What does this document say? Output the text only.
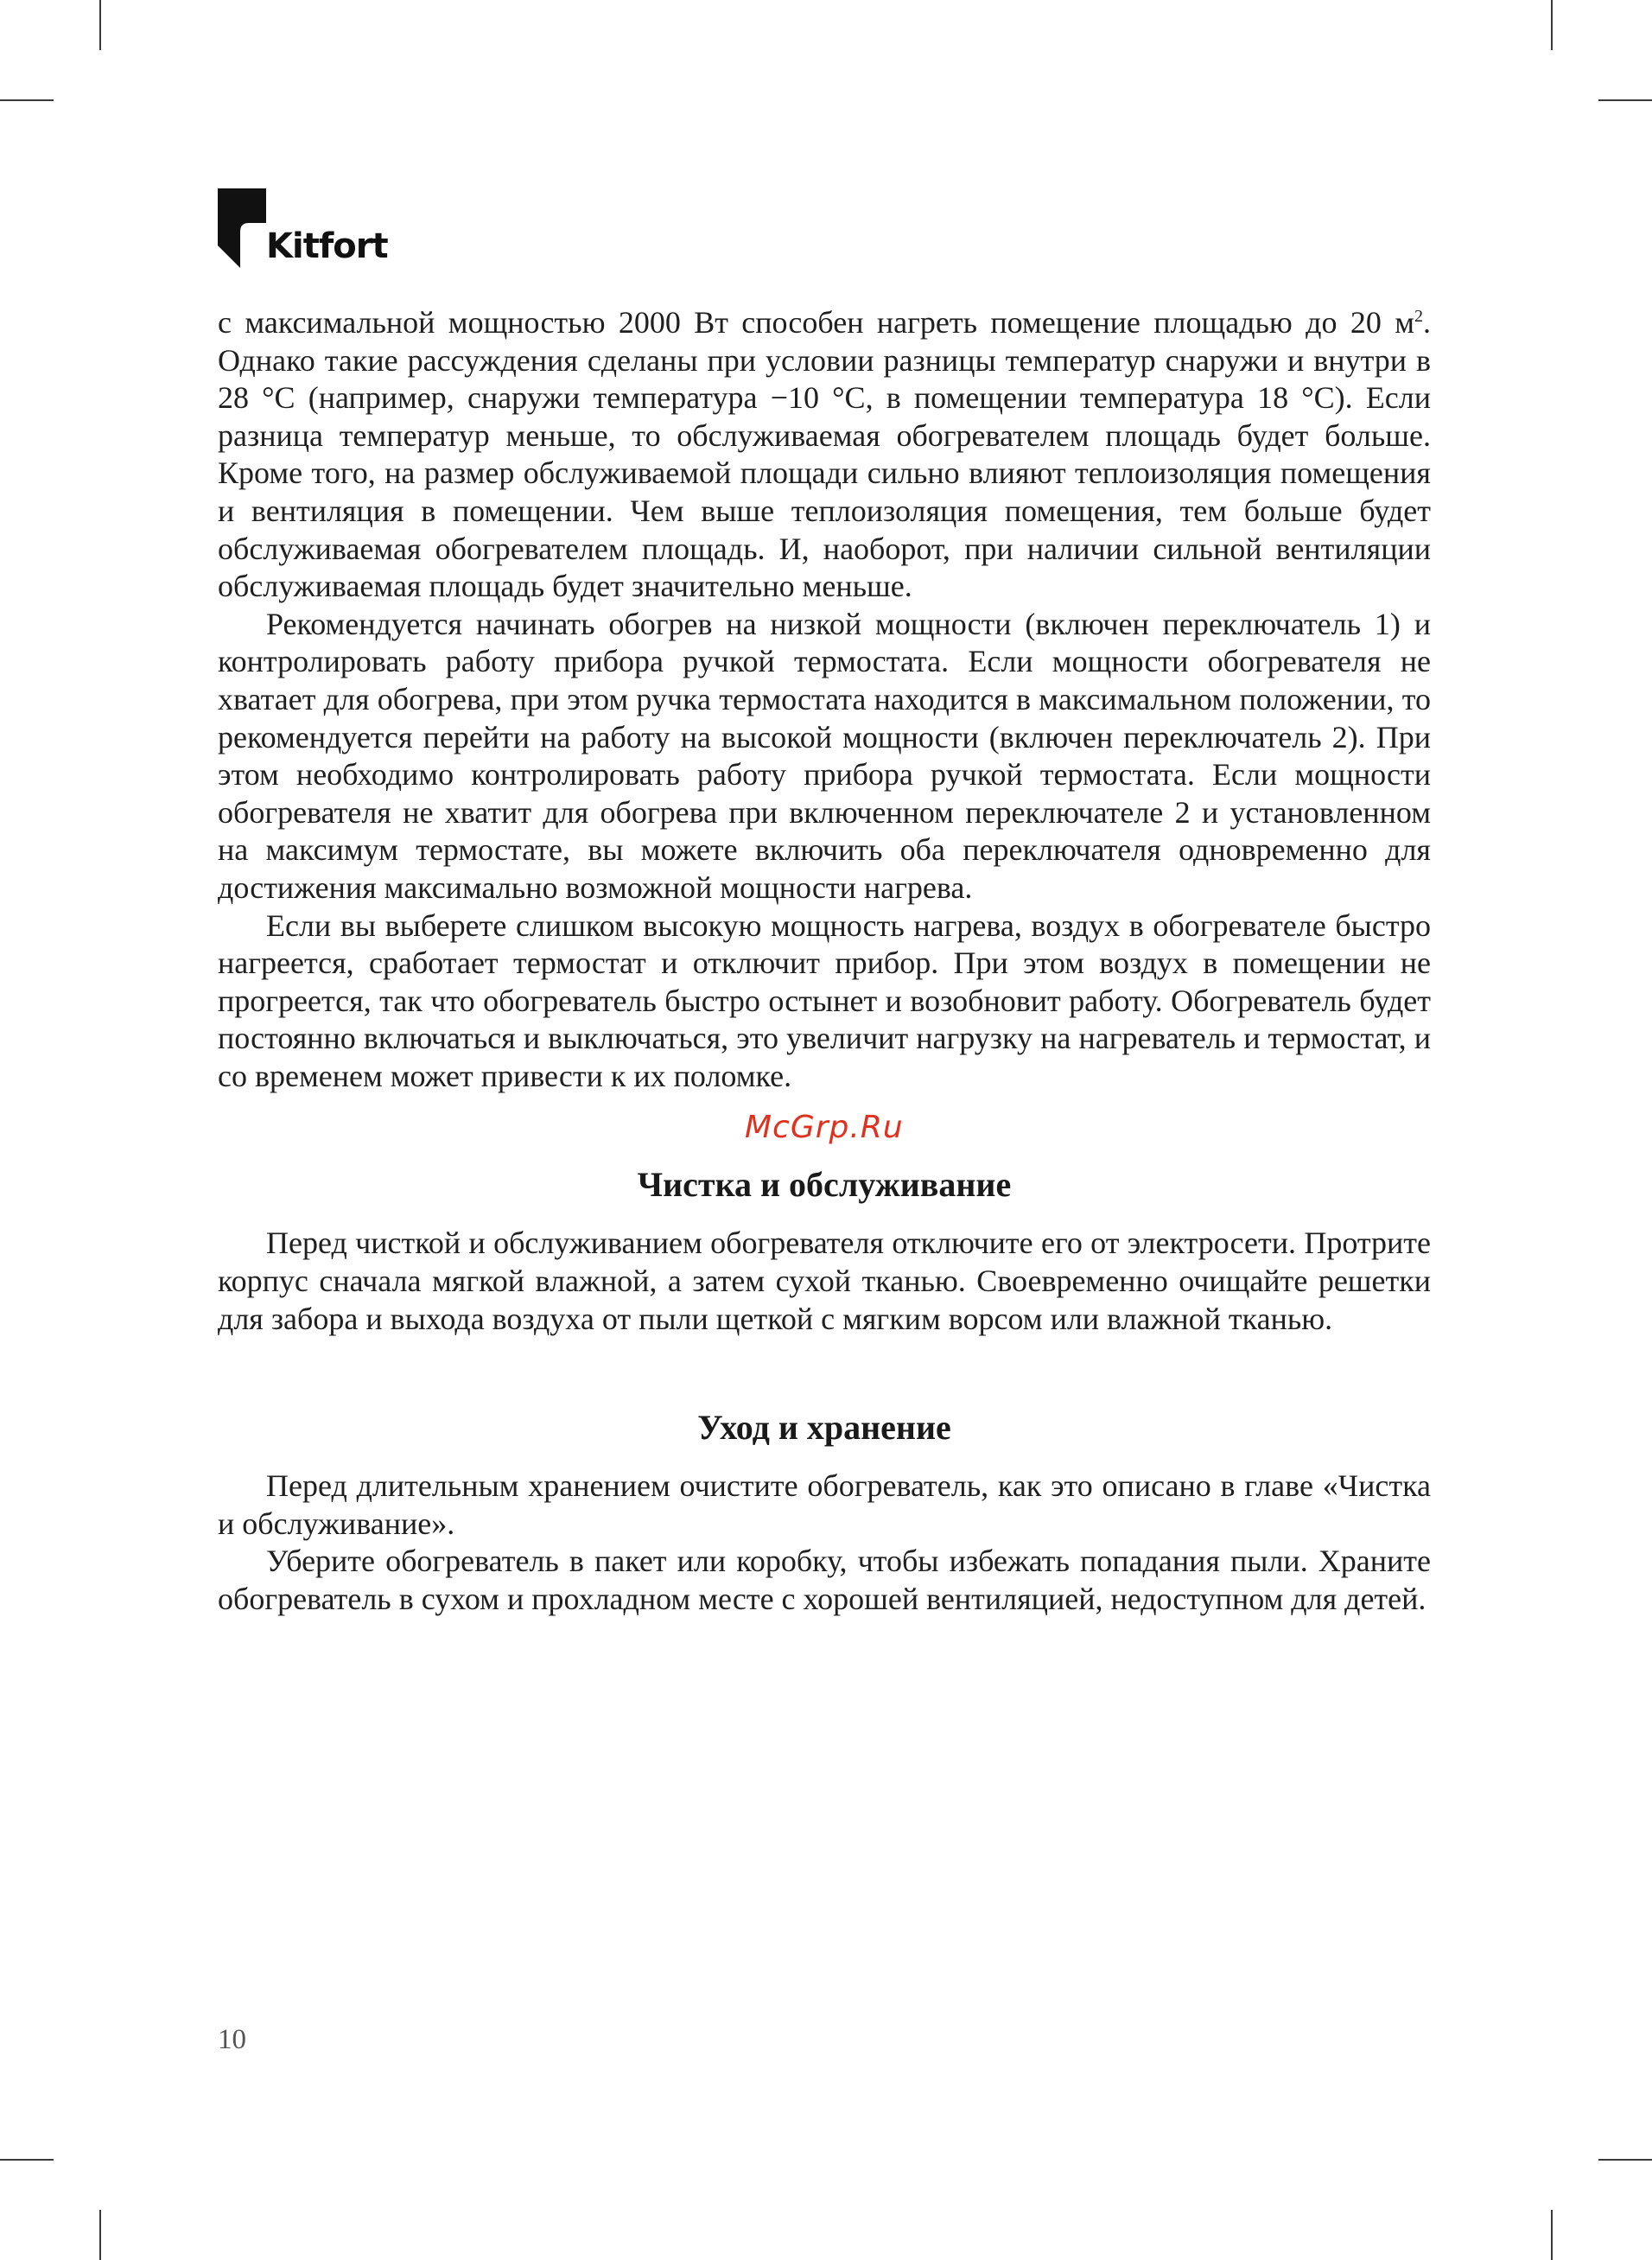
Kitfort

с максимальной мощностью 2000 Вт способен нагреть помещение площадью до 20 $м^2$. Однако такие рассуждения сделаны при условии разницы температур снаружи и внутри в 28 °С (например, снаружи температура −10 °С, в помещении температура 18 °С). Если разница температур меньше, то обслуживаемая обогревателем площадь будет больше. Кроме того, на размер обслуживаемой площади сильно влияют теплоизоляция помещения и вентиляция в помещении. Чем выше теплоизоляция помещения, тем больше будет обслуживаемая обогревателем площадь. И, наоборот, при наличии сильной вентиляции обслуживаемая площадь будет значительно меньше.

Рекомендуется начинать обогрев на низкой мощности (включен переключатель 1) и контролировать работу прибора ручкой термостата. Если мощности обогревателя не хватает для обогрева, при этом ручка термостата находится в максимальном положении, то рекомендуется перейти на работу на высокой мощности (включен переключатель 2). При этом необходимо контролировать работу прибора ручкой термостата. Если мощности обогревателя не хватит для обогрева при включенном переключателе 2 и установленном на максимум термостате, вы можете включить оба переключателя одновременно для достижения максимально возможной мощности нагрева.

Если вы выберете слишком высокую мощность нагрева, воздух в обогревателе быстро нагреется, сработает термостат и отключит прибор. При этом воздух в помещении не прогреется, так что обогреватель быстро остынет и возобновит работу. Обогреватель будет постоянно включаться и выключаться, это увеличит нагрузку на нагреватель и термостат, и со временем может привести к их поломке.

Чистка и обслуживание

Перед чисткой и обслуживанием обогревателя отключите его от электросети. Протрите корпус сначала мягкой влажной, а затем сухой тканью. Своевременно очищайте решетки для забора и выхода воздуха от пыли щеткой с мягким ворсом или влажной тканью.

Уход и хранение

Перед длительным хранением очистите обогреватель, как это описано в главе «Чистка и обслуживание».

Уберите обогреватель в пакет или коробку, чтобы избежать попадания пыли. Храните обогреватель в сухом и прохладном месте с хорошей вентиляцией, недоступном для детей.

McGrp.Ru
10
